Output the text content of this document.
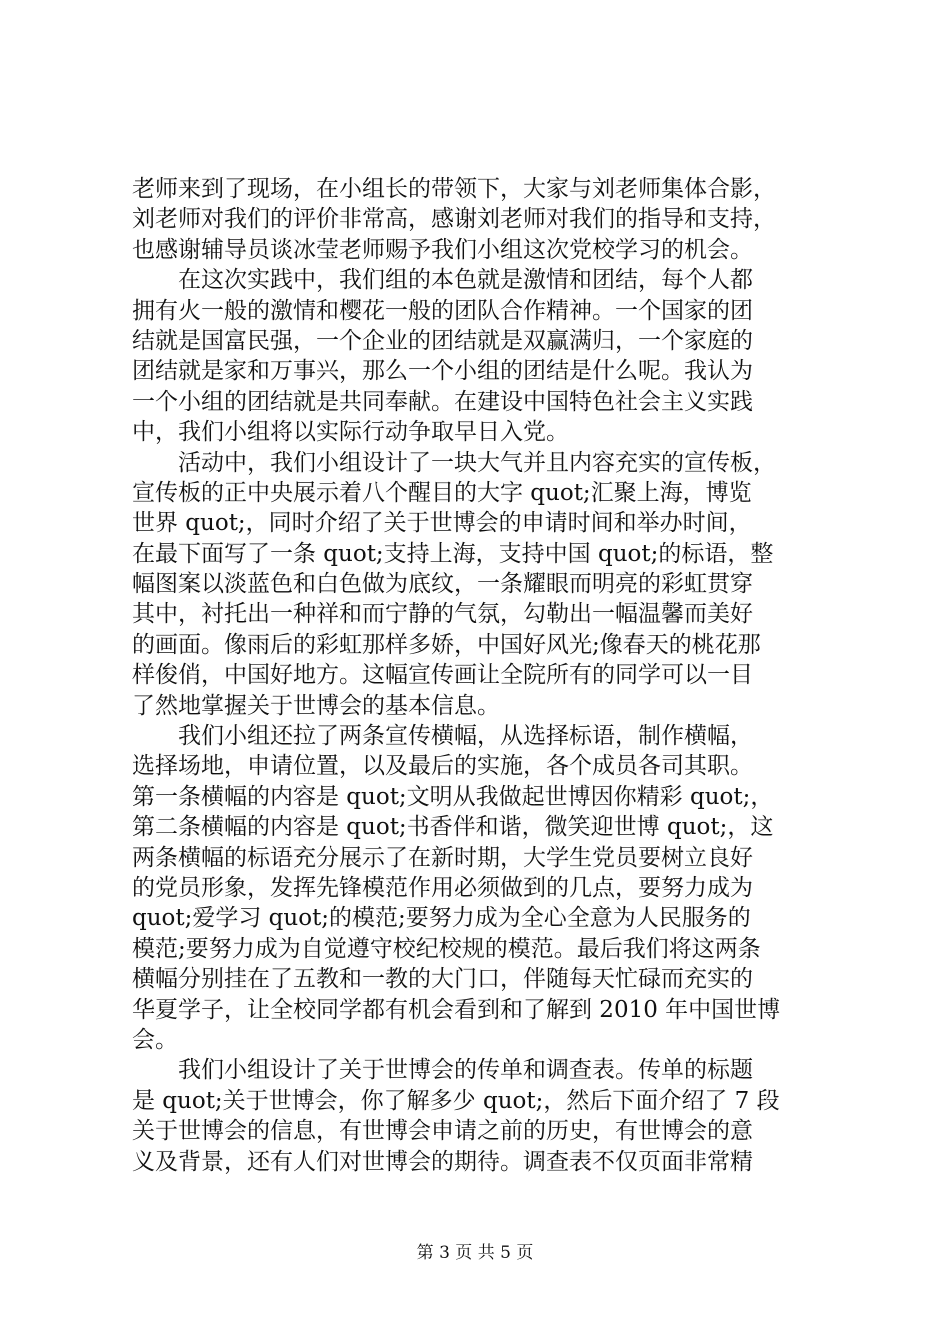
老师来到了现场，在小组长的带领下，大家与刘老师集体合影，
刘老师对我们的评价非常高，感谢刘老师对我们的指导和支持，
也感谢辅导员谈冰莹老师赐予我们小组这次党校学习的机会。
在这次实践中，我们组的本色就是激情和团结，每个人都
拥有火一般的激情和樱花一般的团队合作精神。一个国家的团
结就是国富民强，一个企业的团结就是双赢满归，一个家庭的
团结就是家和万事兴，那么一个小组的团结是什么呢。我认为
一个小组的团结就是共同奉献。在建设中国特色社会主义实践
中，我们小组将以实际行动争取早日入党。
活动中，我们小组设计了一块大气并且内容充实的宣传板，
宣传板的正中央展示着八个醒目的大字 quot;汇聚上海，博览
世界 quot;，同时介绍了关于世博会的申请时间和举办时间，
在最下面写了一条 quot;支持上海，支持中国 quot;的标语，整
幅图案以淡蓝色和白色做为底纹，一条耀眼而明亮的彩虹贯穿
其中，衬托出一种祥和而宁静的气氛，勾勒出一幅温馨而美好
的画面。像雨后的彩虹那样多娇，中国好风光;像春天的桃花那
样俊俏，中国好地方。这幅宣传画让全院所有的同学可以一目
了然地掌握关于世博会的基本信息。
我们小组还拉了两条宣传横幅，从选择标语，制作横幅，
选择场地，申请位置，以及最后的实施，各个成员各司其职。
第一条横幅的内容是 quot;文明从我做起世博因你精彩 quot;，
第二条横幅的内容是 quot;书香伴和谐，微笑迎世博 quot;，这
两条横幅的标语充分展示了在新时期，大学生党员要树立良好
的党员形象，发挥先锋模范作用必须做到的几点，要努力成为
quot;爱学习 quot;的模范;要努力成为全心全意为人民服务的
模范;要努力成为自觉遵守校纪校规的模范。最后我们将这两条
横幅分别挂在了五教和一教的大门口，伴随每天忙碌而充实的
华夏学子，让全校同学都有机会看到和了解到 2010 年中国世博
会。
我们小组设计了关于世博会的传单和调查表。传单的标题
是 quot;关于世博会，你了解多少 quot;，然后下面介绍了 7 段
关于世博会的信息，有世博会申请之前的历史，有世博会的意
义及背景，还有人们对世博会的期待。调查表不仅页面非常精
第 3 页 共 5 页
